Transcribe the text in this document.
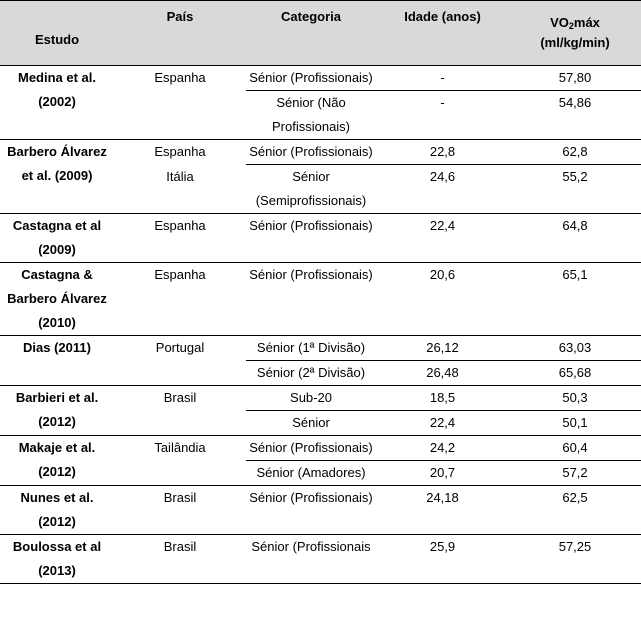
Estudo	País	Categoria	Idade (anos)	$VO_2máx$
(ml/kg/min)

Medina et al. (2002)	Espanha	Sénior (Profissionais)	-	57,80
		Sénior (Não Profissionais)	-	54,86
Barbero Álvarez et al. (2009)	Espanha	Sénior (Profissionais)	22,8	62,8
	Itália	Sénior (Semiprofissionais)	24,6	55,2
Castagna et al (2009)	Espanha	Sénior (Profissionais)	22,4	64,8
Castagna & Barbero Álvarez (2010)	Espanha	Sénior (Profissionais)	20,6	65,1
Dias (2011)	Portugal	Sénior (1ª Divisão)	26,12	63,03
		Sénior (2ª Divisão)	26,48	65,68
Barbieri et al. (2012)	Brasil	Sub-20	18,5	50,3
		Sénior	22,4	50,1
Makaje et al. (2012)	Tailândia	Sénior (Profissionais)	24,2	60,4
		Sénior (Amadores)	20,7	57,2
Nunes et al. (2012)	Brasil	Sénior (Profissionais)	24,18	62,5
Boulossa et al (2013)	Brasil	Sénior (Profissionais	25,9	57,25
